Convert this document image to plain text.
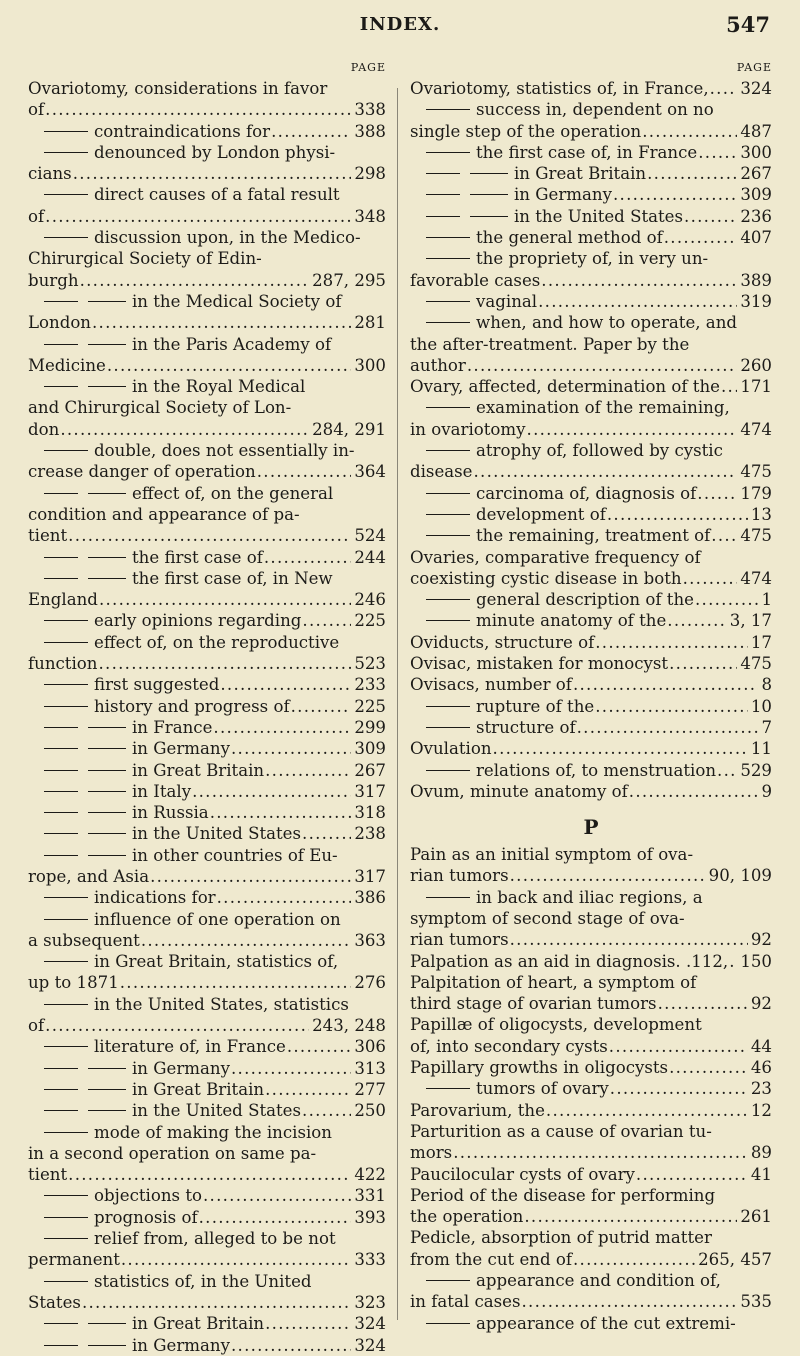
INDEX.	547
PAGE
Ovariotomy, considerations in favor
of . . .	338
contraindications for . . .	388
denounced by London physi-
cians . . .	298
direct causes of a fatal result
of . . .	348
discussion upon, in the Medico-
Chirurgical Society of Edin-
burgh . . .	287, 295
in the Medical Society of
London . . .	281
in the Paris Academy of
Medicine . . .	300
in the Royal Medical
and Chirurgical Society of Lon-
don . . .	284, 291
double, does not essentially in-
crease danger of operation . . .	364
effect of, on the general
condition and appearance of pa-
tient . . .	524
the first case of . . .	244
the first case of, in New
England . . .	246
early opinions regarding . . .	225
effect of, on the reproductive
function . . .	523
first suggested . . .	233
history and progress of . . .	225
in France . . .	299
in Germany . . .	309
in Great Britain . . .	267
in Italy . . .	317
in Russia . . .	318
in the United States . . .	238
in other countries of Eu-
rope, and Asia . . .	317
indications for . . .	386
influence of one operation on
a subsequent . . .	363
in Great Britain, statistics of,
up to 1871 . . .	276
in the United States, statistics
of . . .	243, 248
literature of, in France . . .	306
in Germany . . .	313
in Great Britain . . .	277
in the United States . . .	250
mode of making the incision
in a second operation on same pa-
tient . . .	422
objections to . . .	331
prognosis of . . .	393
relief from, alleged to be not
permanent . . .	333
statistics of, in the United
States . . .	323
in Great Britain . . .	324
in Germany . . .	324
PAGE
Ovariotomy, statistics of, in France, . . . 324
success in, dependent on no
single step of the operation . . .	487
the first case of, in France . . .	300
in Great Britain . . .	267
in Germany . . .	309
in the United States . . .	236
the general method of . . .	407
the propriety of, in very un-
favorable cases . . .	389
vaginal . . .	319
when, and how to operate, and
the after-treatment. Paper by the
author . . .	260
Ovary, affected, determination of the . . . 171
examination of the remaining,
in ovariotomy . . .	474
atrophy of, followed by cystic
disease . . .	475
carcinoma of, diagnosis of . . .	179
development of . . .	13
the remaining, treatment of . . . 475
Ovaries, comparative frequency of
coexisting cystic disease in both . . .	474
general description of the . . .	1
minute anatomy of the . . .	3, 17
Oviducts, structure of . . .	17
Ovisac, mistaken for monocyst . . .	475
Ovisacs, number of . . .	8
rupture of the . . .	10
structure of . . .	7
Ovulation . . .	11
relations of, to menstruation . . . 529
Ovum, minute anatomy of . . .	9
P
Pain as an initial symptom of ova-
rian tumors . . .	90, 109
in back and iliac regions, a
symptom of second stage of ova-
rian tumors . . .	92
Palpation as an aid in diagnosis. .112, . . . 150
Palpitation of heart, a symptom of
third stage of ovarian tumors . . .	92
Papillæ of oligocysts, development
of, into secondary cysts . . .	44
Papillary growths in oligocysts . . .	46
tumors of ovary . . .	23
Parovarium, the . . .	12
Parturition as a cause of ovarian tu-
mors . . .	89
Paucilocular cysts of ovary . . .	41
Period of the disease for performing
the operation . . .	261
Pedicle, absorption of putrid matter
from the cut end of . . .	265, 457
appearance and condition of,
in fatal cases . . .	535
appearance of the cut extremi-
